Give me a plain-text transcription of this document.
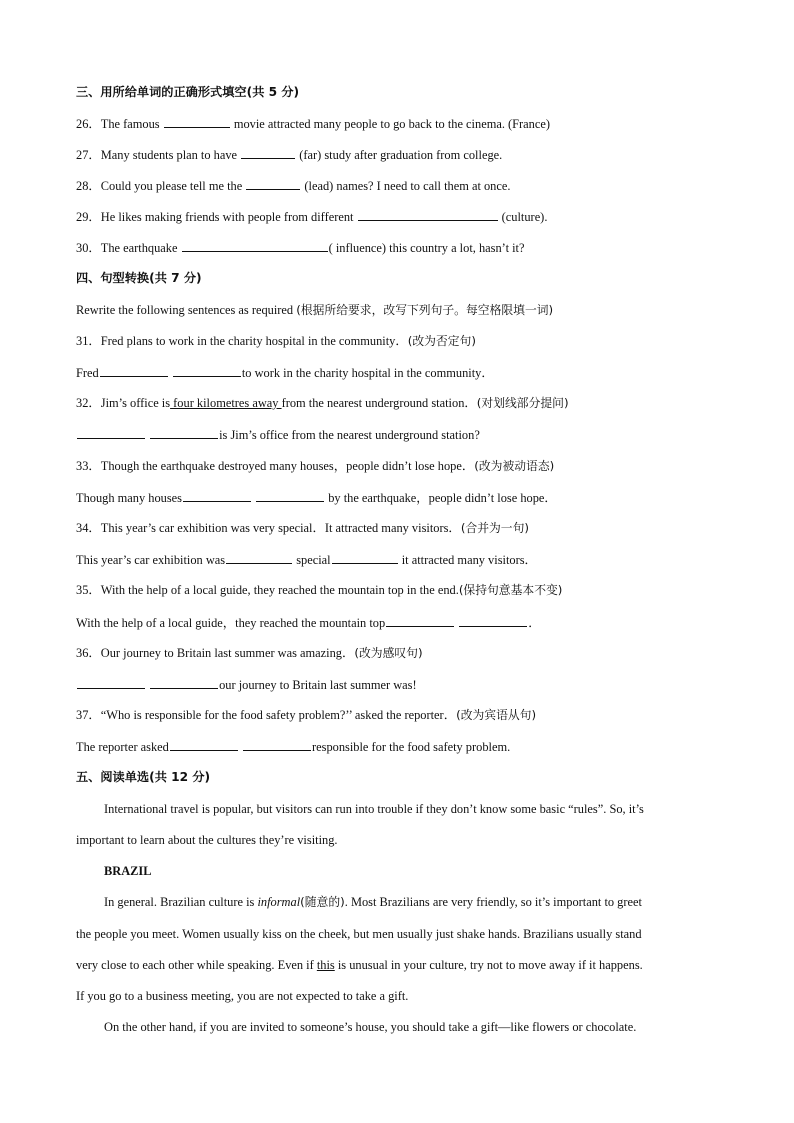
三、用所给单词的正确形式填空(共 5 分)
26．The famous	movie attracted many people to go back to the cinema. (France)
27．Many students plan to have	(far) study after graduation from college.
28．Could you please tell me the	(lead) names? I need to call them at once.
29．He likes making friends with people from different	(culture).
30．The earthquake	( influence) this country a lot, hasn’t it?
四、句型转换(共 7 分)
Rewrite the following sentences as required (根据所给要求，改写下列句子。每空格限填一词)
31．Fred plans to work in the charity hospital in the community．(改为否定句)
Fred	to work in the charity hospital in the community．
32．Jim’s office is four kilometres away from the nearest underground station．(对划线部分提问)
is Jim’s office from the nearest underground station?
33．Though the earthquake destroyed many houses，people didn’t lose hope．(改为被动语态)
Though many houses	by the earthquake，people didn’t lose hope．
34．This year’s car exhibition was very special．It attracted many visitors．(合并为一句)
This year’s car exhibition was	special	it attracted many visitors．
35．With the help of a local guide, they reached the mountain top in the end.(保持句意基本不变)
With the help of a local guide，they reached the mountain top	．
36．Our journey to Britain last summer was amazing．(改为感叹句)
our journey to Britain last summer was!
37．“Who is responsible for the food safety problem?’’ asked the reporter．(改为宾语从句)
The reporter asked	responsible for the food safety problem.
五、阅读单选(共 12 分)
International travel is popular, but visitors can run into trouble if they don’t know some basic “rules”. So, it’s
important to learn about the cultures they’re visiting.
BRAZIL
In general. Brazilian culture is informal(随意的). Most Brazilians are very friendly, so it’s important to greet
the people you meet. Women usually kiss on the cheek, but men usually just shake hands. Brazilians usually stand
very close to each other while speaking. Even if this is unusual in your culture, try not to move away if it happens.
If you go to a business meeting, you are not expected to take a gift.
On the other hand, if you are invited to someone’s house, you should take a gift—like flowers or chocolate.
